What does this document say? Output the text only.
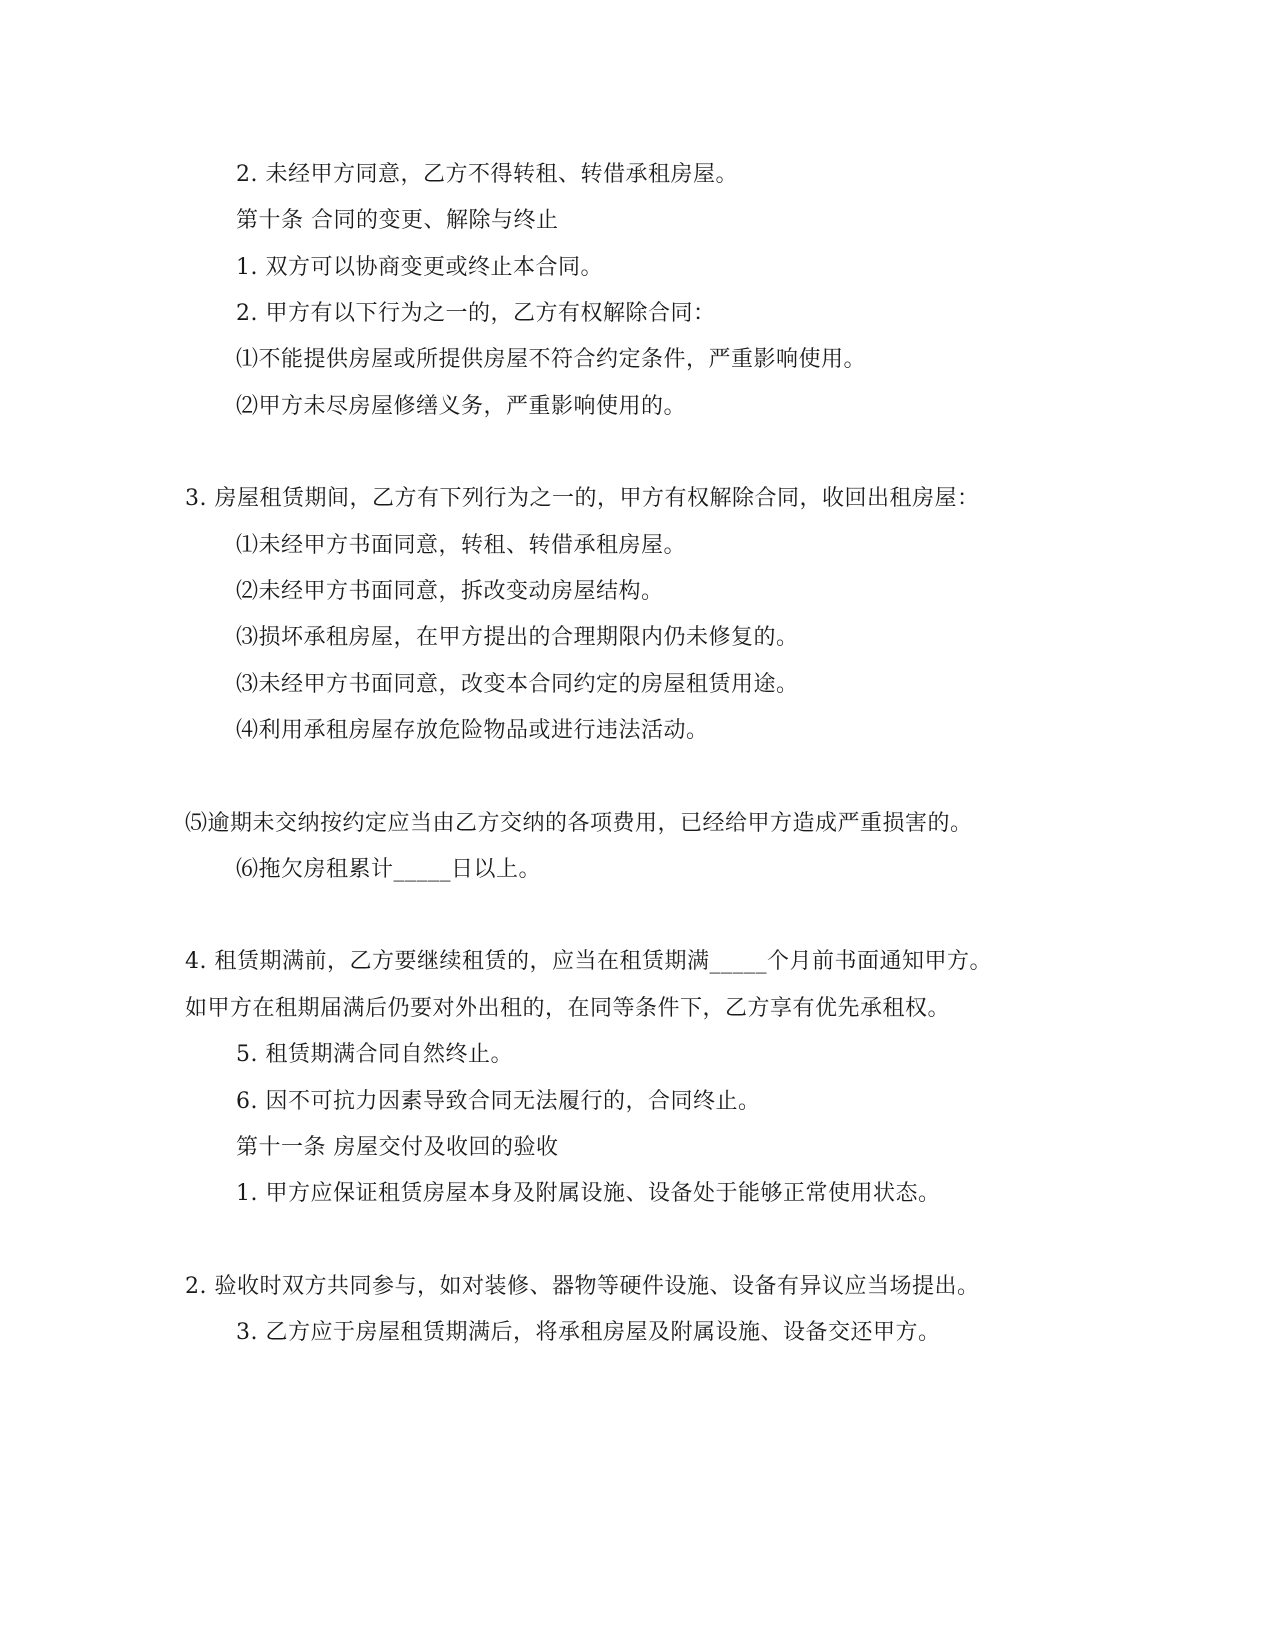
2. 未经甲方同意，乙方不得转租、转借承租房屋。
第十条 合同的变更、解除与终止
1. 双方可以协商变更或终止本合同。
2. 甲方有以下行为之一的，乙方有权解除合同：
⑴不能提供房屋或所提供房屋不符合约定条件，严重影响使用。
⑵甲方未尽房屋修缮义务，严重影响使用的。
3. 房屋租赁期间，乙方有下列行为之一的，甲方有权解除合同，收回出租房屋：
⑴未经甲方书面同意，转租、转借承租房屋。
⑵未经甲方书面同意，拆改变动房屋结构。
⑶损坏承租房屋，在甲方提出的合理期限内仍未修复的。
⑶未经甲方书面同意，改变本合同约定的房屋租赁用途。
⑷利用承租房屋存放危险物品或进行违法活动。
⑸逾期未交纳按约定应当由乙方交纳的各项费用，已经给甲方造成严重损害的。
⑹拖欠房租累计_____日以上。
4. 租赁期满前，乙方要继续租赁的，应当在租赁期满_____个月前书面通知甲方。
如甲方在租期届满后仍要对外出租的，在同等条件下，乙方享有优先承租权。
5. 租赁期满合同自然终止。
6. 因不可抗力因素导致合同无法履行的，合同终止。
第十一条 房屋交付及收回的验收
1. 甲方应保证租赁房屋本身及附属设施、设备处于能够正常使用状态。
2. 验收时双方共同参与，如对装修、器物等硬件设施、设备有异议应当场提出。
3. 乙方应于房屋租赁期满后，将承租房屋及附属设施、设备交还甲方。
